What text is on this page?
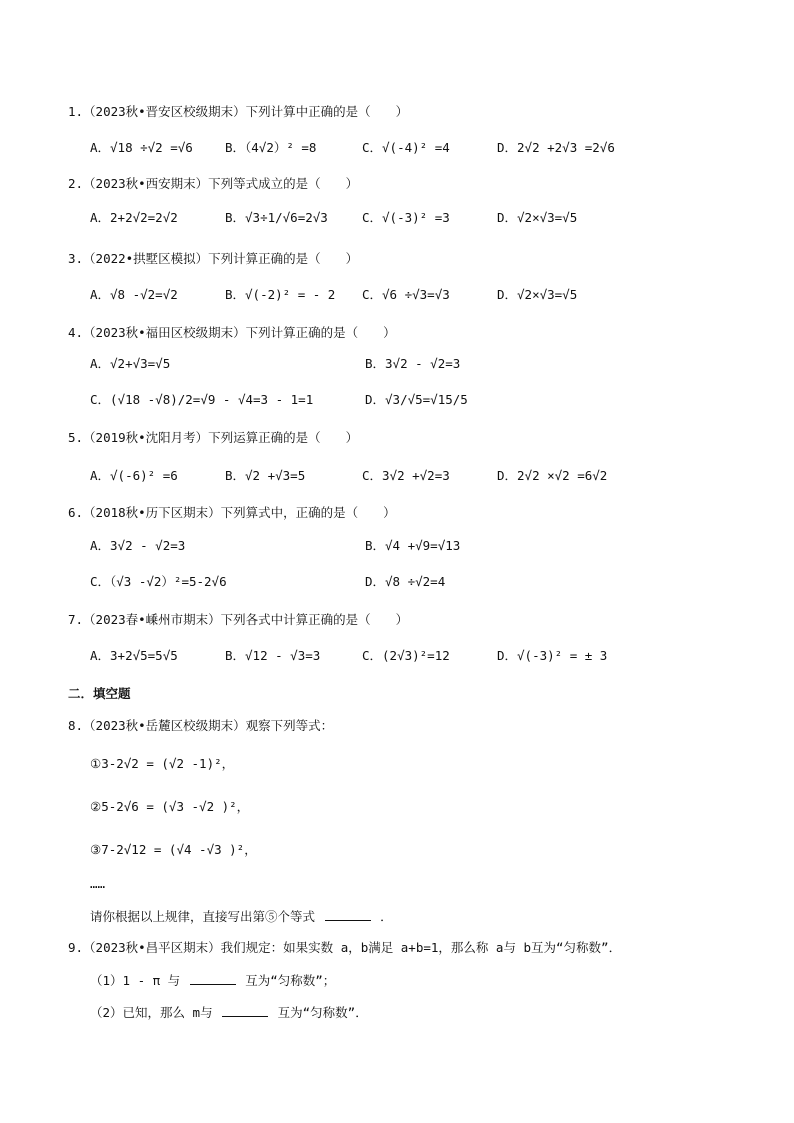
1.（2023秋•晋安区校级期末）下列计算中正确的是（　　）
A．√18 ÷√2 =√6	B．（4√2）² =8	C．√(-4)² =4	D．2√2 +2√3 =2√6
2.（2023秋•西安期末）下列等式成立的是（　　）
A．2+2√2=2√2	B．√3÷1/√6=2√3	C．√(-3)² =3	D．√2×√3=√5
3.（2022•拱墅区模拟）下列计算正确的是（　　）
A．√8 -√2=√2	B．√(-2)² = - 2 C．√6 ÷√3=√3	D．√2×√3=√5
4.（2023秋•福田区校级期末）下列计算正确的是（　　）
A．√2+√3=√5	B．3√2 - √2=3
C．(√18 -√8)/2=√9 - √4=3 - 1=1	D．√3/√5=√15/5
5.（2019秋•沈阳月考）下列运算正确的是（　　）
A．√(-6)² =6	B．√2 +√3=5	C．3√2 +√2=3	D．2√2 ×√2 =6√2
6.（2018秋•历下区期末）下列算式中，正确的是（　　）
A．3√2 - √2=3	B．√4 +√9=√13
C．（√3 -√2）²=5-2√6	D．√8 ÷√2=4
7.（2023春•嵊州市期末）下列各式中计算正确的是（　　）
A．3+2√5=5√5	B．√12 - √3=3	C．(2√3)²=12	D．√(-3)² = ± 3
二．填空题
8.（2023秋•岳麓区校级期末）观察下列等式：
①3-2√2 = (√2 -1)²，
②5-2√6 = (√3 -√2 )²，
③7-2√12 = (√4 -√3 )²，
……
请你根据以上规律，直接写出第⑤个等式	．
9.（2023秋•昌平区期末）我们规定：如果实数 a，b满足 a+b=1，那么称 a与 b互为“匀称数”．
（1）1 - π 与	互为“匀称数”；
（2）已知，那么 m与	互为“匀称数”．
